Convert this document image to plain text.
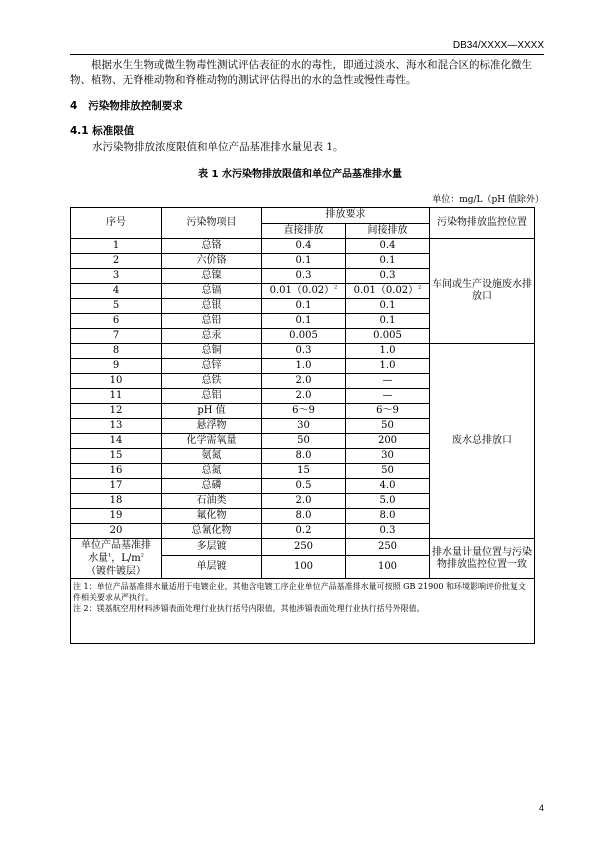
DB34/XXXX—XXXX
根据水生生物或微生物毒性测试评估表征的水的毒性，即通过淡水、海水和混合区的标准化微生物、植物、无脊椎动物和脊椎动物的测试评估得出的水的急性或慢性毒性。
4 污染物排放控制要求
4.1 标准限值
水污染物排放浓度限值和单位产品基准排水量见表 1。
表 1 水污染物排放限值和单位产品基准排水量
单位：mg/L（pH 值除外）
序号	污染物项目	排放要求		污染物排放监控位置
		直接排放	间接排放	
1	总铬	0.4	0.4	车间或生产设施废水排放口
2	六价铬	0.1	0.1	
3	总镍	0.3	0.3	
4	总镉	$0.01(0.02)^2$	$0.01(0.02)^2$
5	总银	0.1	0.1	
6	总铅	0.1	0.1	
7	总汞	0.005	0.005	
8	总铜	0.3	1.0	废水总排放口
9	总锌	1.0	1.0	
10	总铁	2.0	—	
11	总铝	2.0	—	
12	pH 值	6～9	6～9	
13	悬浮物	30	50	
14	化学需氧量	50	200	
15	氨氮	8.0	30	
16	总氮	15	50	
17	总磷	0.5	4.0	
18	石油类	2.0	5.0	
19	氟化物	8.0	8.0	
20	总氰化物	0.2	0.3	
单位产品基准排
水量$^1$，$L/m^2$
（镀件镀层）	多层镀	250	250	排水量计量位置与污染物排放监控位置一致
	单层镀	100	100	

注 1：单位产品基准排水量适用于电镀企业，其他含电镀工序企业单位产品基准排水量可按照 GB 21900 和环境影响评价批复文件相关要求从严执行。
注 2：镁基航空用材料涉镉表面处理行业执行括号内限值，其他涉镉表面处理行业执行括号外限值。				
4
